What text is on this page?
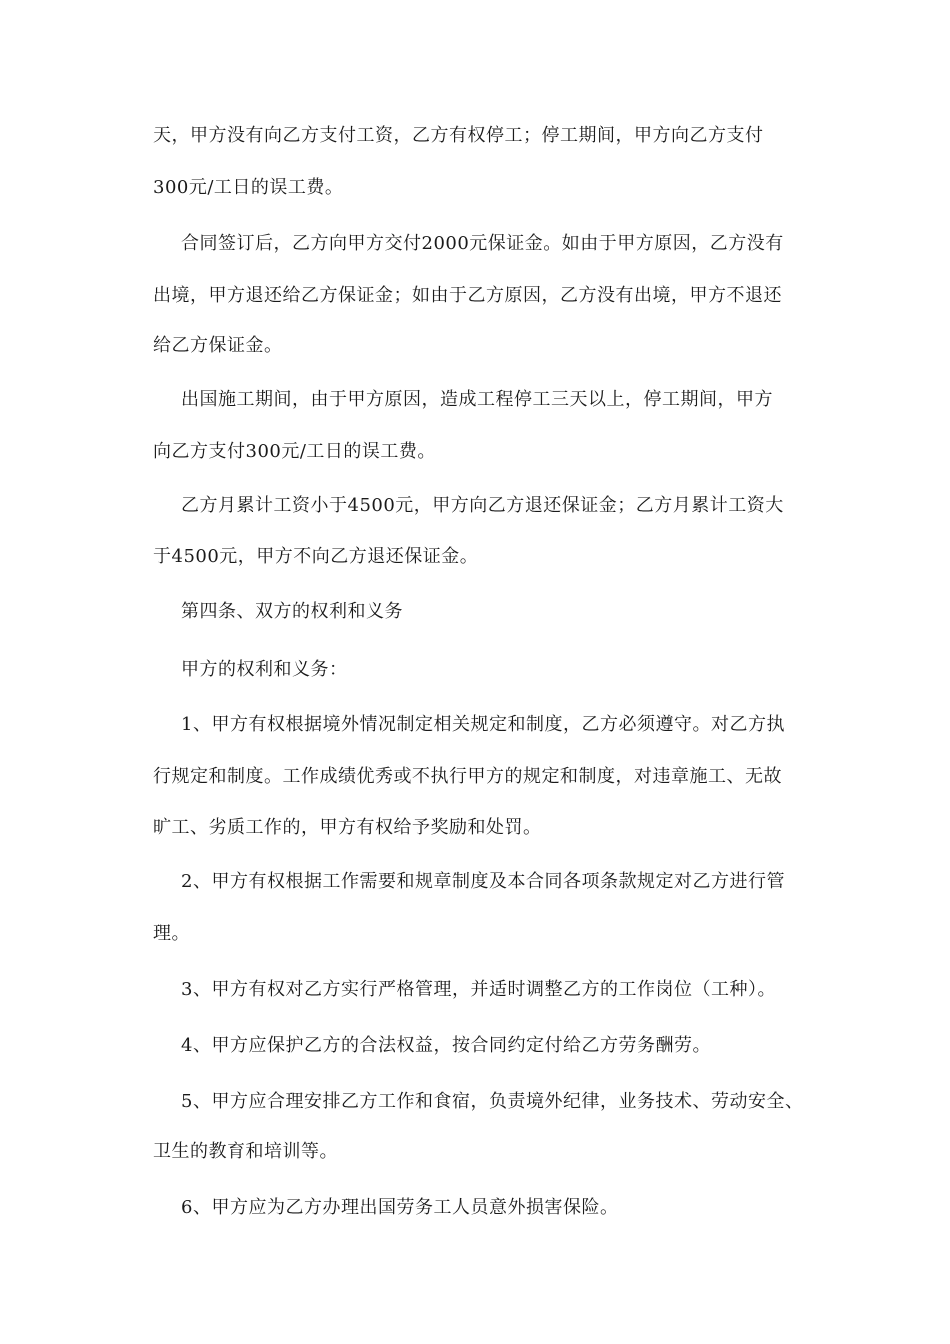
天，甲方没有向乙方支付工资，乙方有权停工；停工期间，甲方向乙方支付

300元/工日的误工费。

合同签订后，乙方向甲方交付2000元保证金。如由于甲方原因，乙方没有

出境，甲方退还给乙方保证金；如由于乙方原因，乙方没有出境，甲方不退还

给乙方保证金。

出国施工期间，由于甲方原因，造成工程停工三天以上，停工期间，甲方

向乙方支付300元/工日的误工费。

乙方月累计工资小于4500元，甲方向乙方退还保证金；乙方月累计工资大

于4500元，甲方不向乙方退还保证金。

第四条、双方的权利和义务

甲方的权利和义务：

1、甲方有权根据境外情况制定相关规定和制度，乙方必须遵守。对乙方执

行规定和制度。工作成绩优秀或不执行甲方的规定和制度，对违章施工、无故

旷工、劣质工作的，甲方有权给予奖励和处罚。

2、甲方有权根据工作需要和规章制度及本合同各项条款规定对乙方进行管

理。

3、甲方有权对乙方实行严格管理，并适时调整乙方的工作岗位（工种）。

4、甲方应保护乙方的合法权益，按合同约定付给乙方劳务酬劳。

5、甲方应合理安排乙方工作和食宿，负责境外纪律，业务技术、劳动安全、

卫生的教育和培训等。

6、甲方应为乙方办理出国劳务工人员意外损害保险。
